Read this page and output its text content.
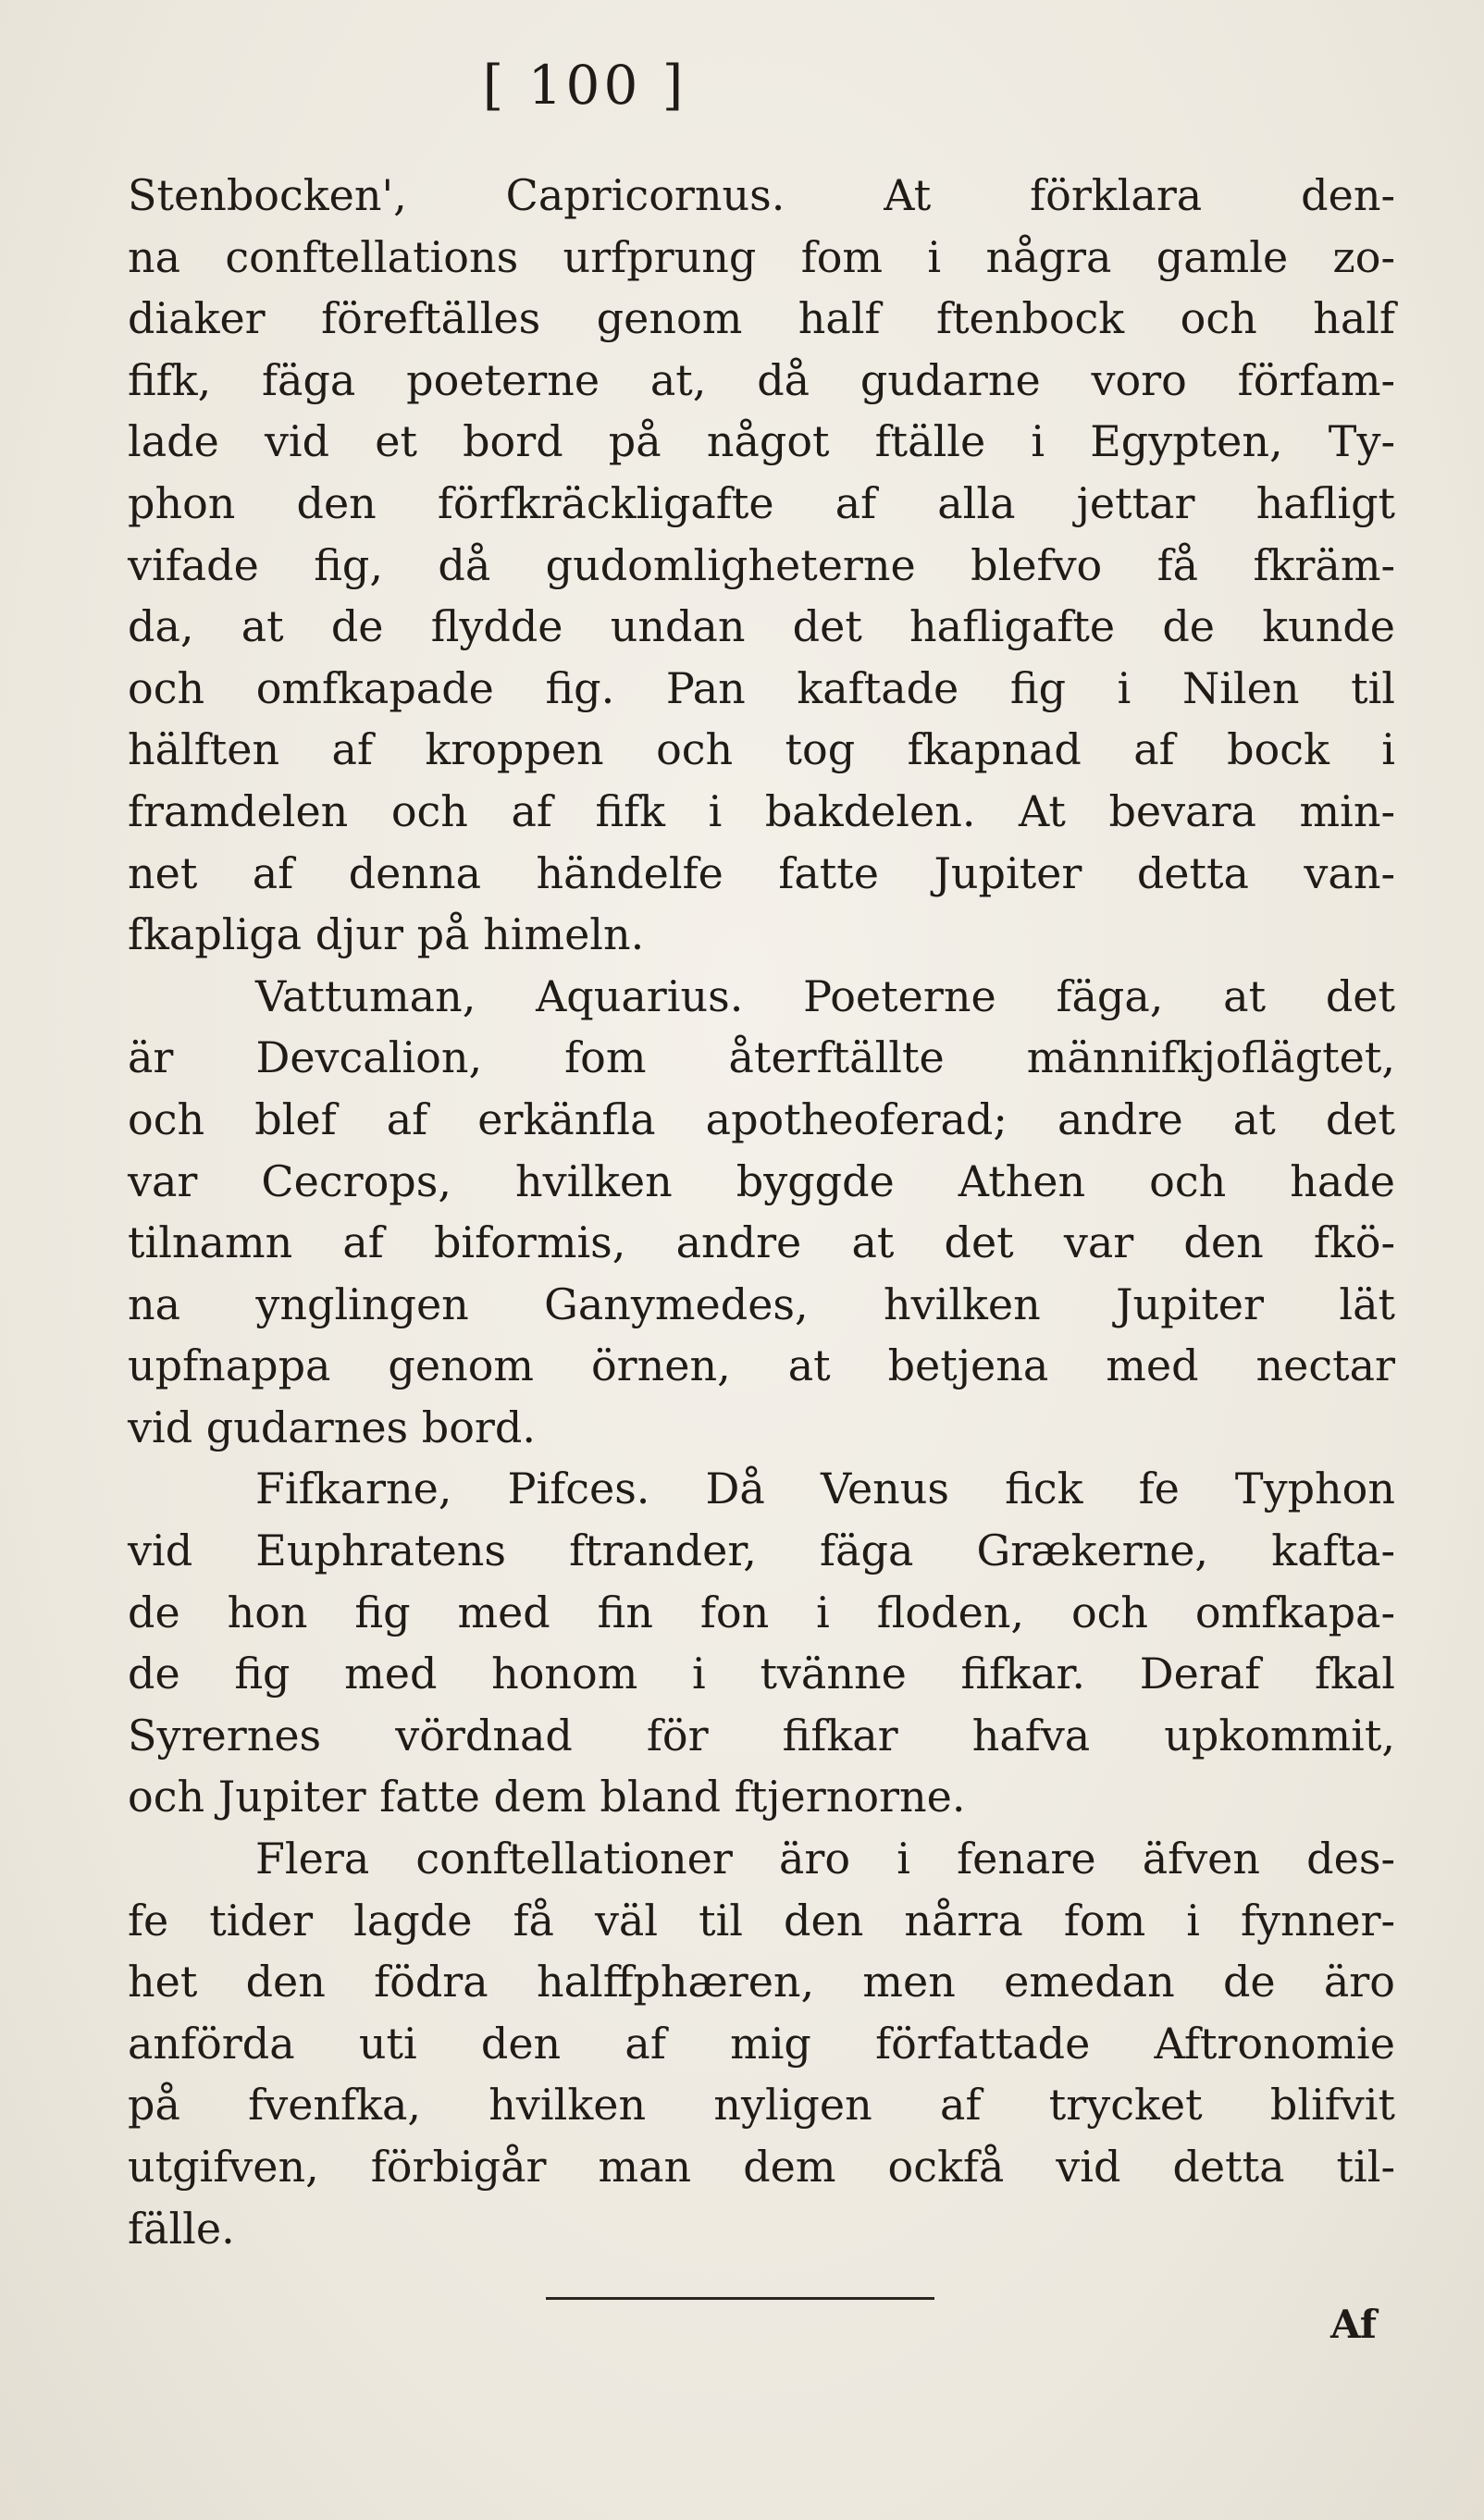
[ 100 ]
Stenbocken', Capricornus. At förklara den-
na conftellations urfprung fom i några gamle zo-
diaker föreftälles genom half ftenbock och half
fifk, fäga poeterne at, då gudarne voro förfam-
lade vid et bord på något ftälle i Egypten, Ty-
phon den förfkräckligafte af alla jettar hafligt
vifade fig, då gudomligheterne blefvo få fkräm-
da, at de flydde undan det hafligafte de kunde
och omfkapade fig. Pan kaftade fig i Nilen til
hälften af kroppen och tog fkapnad af bock i
framdelen och af fifk i bakdelen. At bevara min-
net af denna händelfe fatte Jupiter detta van-
fkapliga djur på himeln.
Vattuman, Aquarius. Poeterne fäga, at det
är Devcalion, fom återftällte männifkjoflägtet,
och blef af erkänfla apotheoferad; andre at det
var Cecrops, hvilken byggde Athen och hade
tilnamn af biformis, andre at det var den fkö-
na ynglingen Ganymedes, hvilken Jupiter lät
upfnappa genom örnen, at betjena med nectar
vid gudarnes bord.
Fifkarne, Pifces. Då Venus fick fe Typhon
vid Euphratens ftrander, fäga Grækerne, kafta-
de hon fig med fin fon i floden, och omfkapa-
de fig med honom i tvänne fifkar. Deraf fkal
Syrernes vördnad för fifkar hafva upkommit,
och Jupiter fatte dem bland ftjernorne.
Flera conftellationer äro i fenare äfven des-
fe tider lagde få väl til den nårra fom i fynner-
het den födra halffphæren, men emedan de äro
anförda uti den af mig författade Aftronomie
på fvenfka, hvilken nyligen af trycket blifvit
utgifven, förbigår man dem ockfå vid detta til-
fälle.
Af
